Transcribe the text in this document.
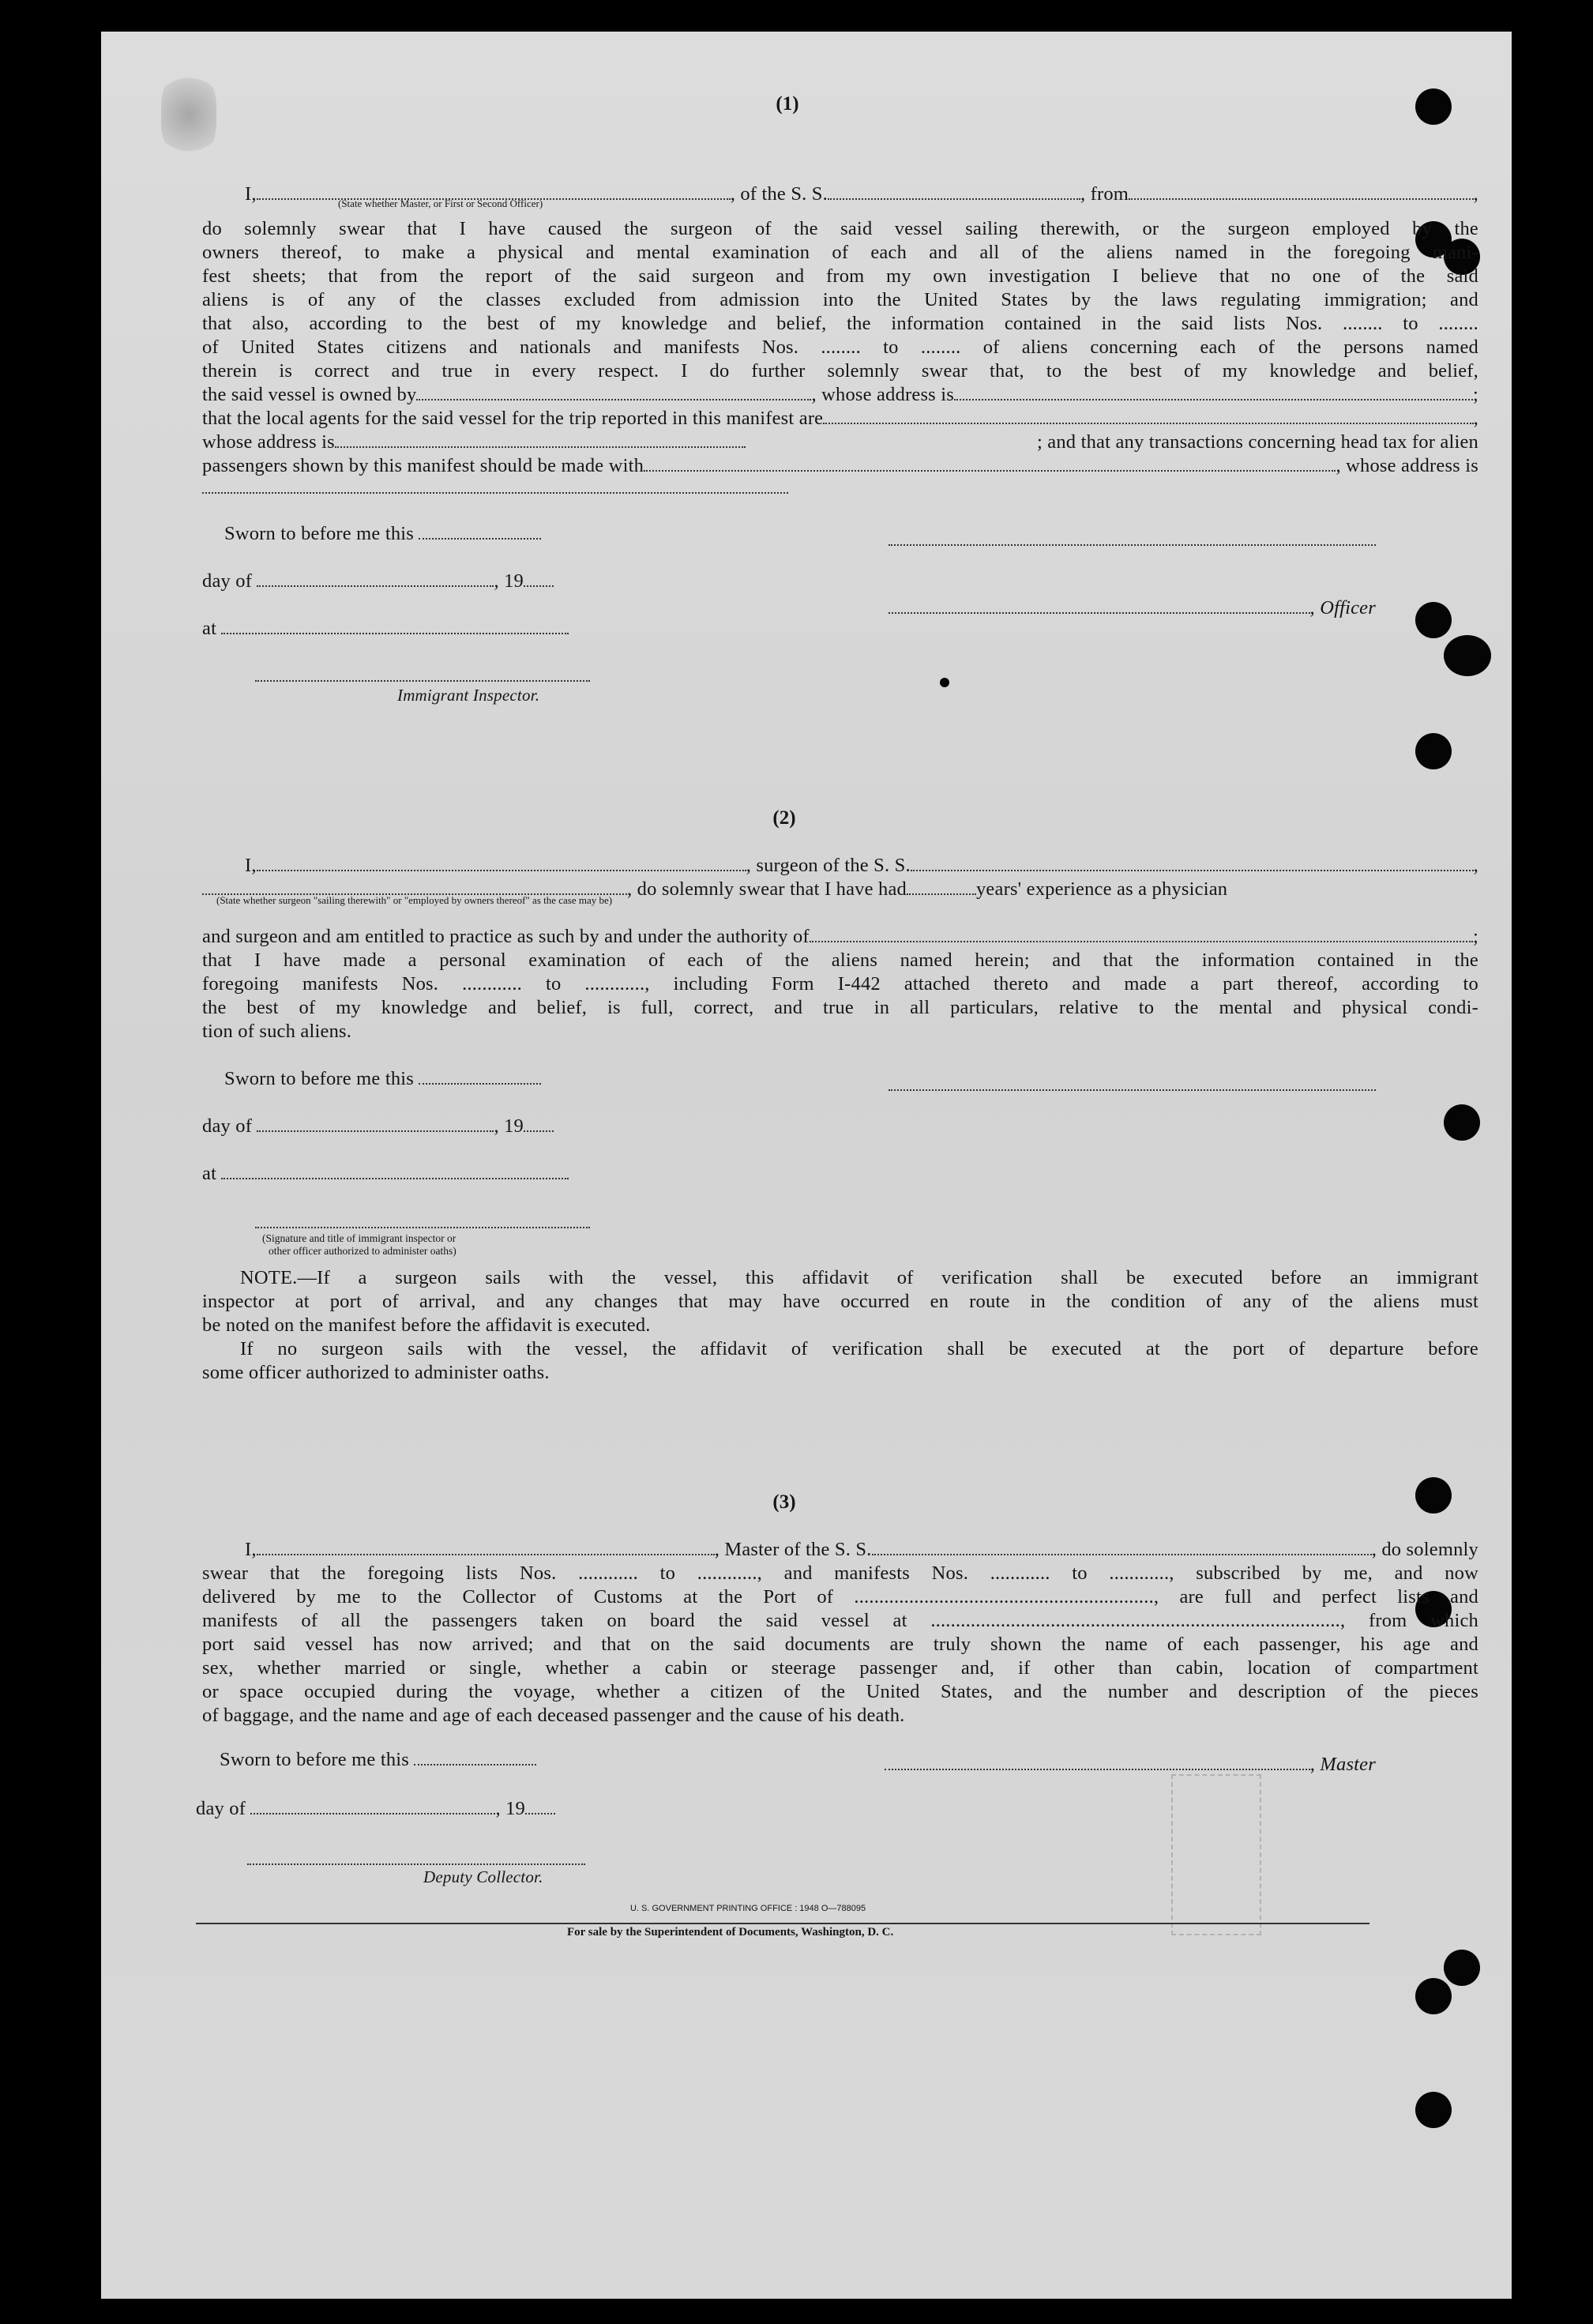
(1)
I,	, of the S. S.	, from	,
(State whether Master, or First or Second Officer)
do solemnly swear that I have caused the surgeon of the said vessel sailing therewith, or the surgeon employed by the
owners thereof, to make a physical and mental examination of each and all of the aliens named in the foregoing mani-
fest sheets; that from the report of the said surgeon and from my own investigation I believe that no one of the said
aliens is of any of the classes excluded from admission into the United States by the laws regulating immigration; and
that also, according to the best of my knowledge and belief, the information contained in the said lists Nos. ........ to ........
of United States citizens and nationals and manifests Nos. ........ to ........ of aliens concerning each of the persons named
therein is correct and true in every respect. I do further solemnly swear that, to the best of my knowledge and belief,
the said vessel is owned by	, whose address is	;
that the local agents for the said vessel for the trip reported in this manifest are	,
whose address is	; and that any transactions concerning head tax for alien
passengers shown by this manifest should be made with	, whose address is
Sworn to before me this
day of	, 19
, Officer
at
Immigrant Inspector.
(2)
I,	, surgeon of the S. S.	,
, do solemnly swear that I have had	years' experience as a physician
(State whether surgeon "sailing therewith" or "employed by owners thereof" as the case may be)
and surgeon and am entitled to practice as such by and under the authority of	;
that I have made a personal examination of each of the aliens named herein; and that the information contained in the
foregoing manifests Nos. ............ to ............, including Form I-442 attached thereto and made a part thereof, according to
the best of my knowledge and belief, is full, correct, and true in all particulars, relative to the mental and physical condi-
tion of such aliens.
Sworn to before me this
day of	, 19
at
(Signature and title of immigrant inspector or
other officer authorized to administer oaths)
NOTE.—If a surgeon sails with the vessel, this affidavit of verification shall be executed before an immigrant
inspector at port of arrival, and any changes that may have occurred en route in the condition of any of the aliens must
be noted on the manifest before the affidavit is executed.
If no surgeon sails with the vessel, the affidavit of verification shall be executed at the port of departure before
some officer authorized to administer oaths.
(3)
I,	, Master of the S. S.	, do solemnly
swear that the foregoing lists Nos. ............ to ............, and manifests Nos. ............ to ............, subscribed by me, and now
delivered by me to the Collector of Customs at the Port of ............................................................, are full and perfect lists and
manifests of all the passengers taken on board the said vessel at .................................................................................., from which
port said vessel has now arrived; and that on the said documents are truly shown the name of each passenger, his age and
sex, whether married or single, whether a cabin or steerage passenger and, if other than cabin, location of compartment
or space occupied during the voyage, whether a citizen of the United States, and the number and description of the pieces
of baggage, and the name and age of each deceased passenger and the cause of his death.
Sworn to before me this	, Master
day of	, 19
Deputy Collector.
U. S. GOVERNMENT PRINTING OFFICE : 1948 O—788095
For sale by the Superintendent of Documents, Washington, D. C.
